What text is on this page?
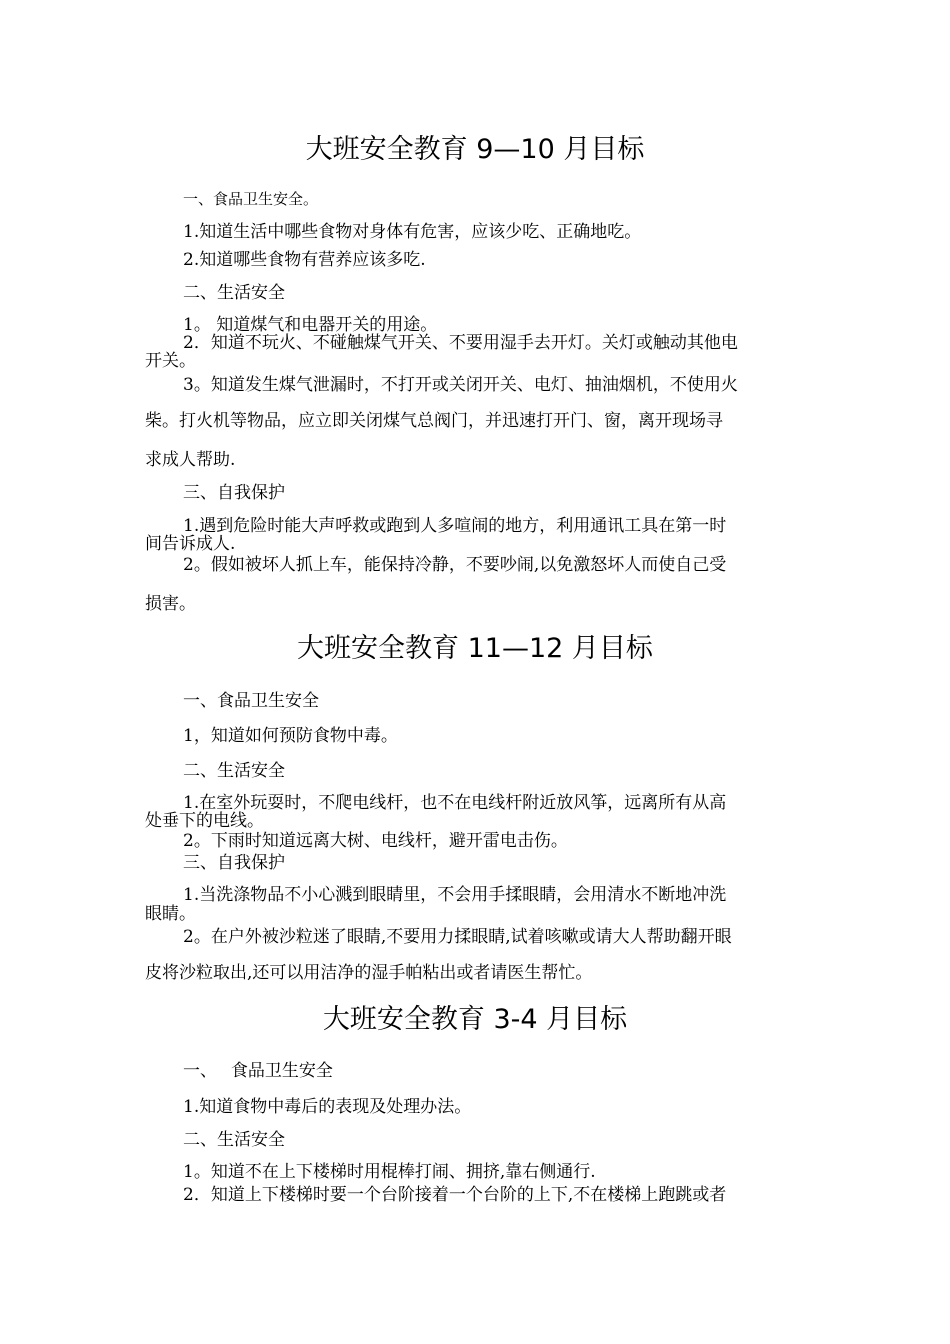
大班安全教育 9—10 月目标
一、食品卫生安全。
1.知道生活中哪些食物对身体有危害，应该少吃、正确地吃。
2.知道哪些食物有营养应该多吃.
二、生活安全
1。 知道煤气和电器开关的用途。
2．知道不玩火、不碰触煤气开关、不要用湿手去开灯。关灯或触动其他电
开关。
3。知道发生煤气泄漏时，不打开或关闭开关、电灯、抽油烟机，不使用火
柴。打火机等物品，应立即关闭煤气总阀门，并迅速打开门、窗，离开现场寻
求成人帮助.
三、自我保护
1.遇到危险时能大声呼救或跑到人多喧闹的地方，利用通讯工具在第一时
间告诉成人.
2。假如被坏人抓上车，能保持冷静，不要吵闹,以免激怒坏人而使自己受
损害。
大班安全教育 11—12 月目标
一、食品卫生安全
1，知道如何预防食物中毒。
二、生活安全
1.在室外玩耍时，不爬电线杆，也不在电线杆附近放风筝，远离所有从高
处垂下的电线。
2。下雨时知道远离大树、电线杆，避开雷电击伤。
三、自我保护
1.当洗涤物品不小心溅到眼睛里，不会用手揉眼睛，会用清水不断地冲洗
眼睛。
2。在户外被沙粒迷了眼睛,不要用力揉眼睛,试着咳嗽或请大人帮助翻开眼
皮将沙粒取出,还可以用洁净的湿手帕粘出或者请医生帮忙。
大班安全教育 3-4 月目标
一、　 食品卫生安全
1.知道食物中毒后的表现及处理办法。
二、生活安全
1。知道不在上下楼梯时用棍棒打闹、拥挤,靠右侧通行.
2．知道上下楼梯时要一个台阶接着一个台阶的上下,不在楼梯上跑跳或者
